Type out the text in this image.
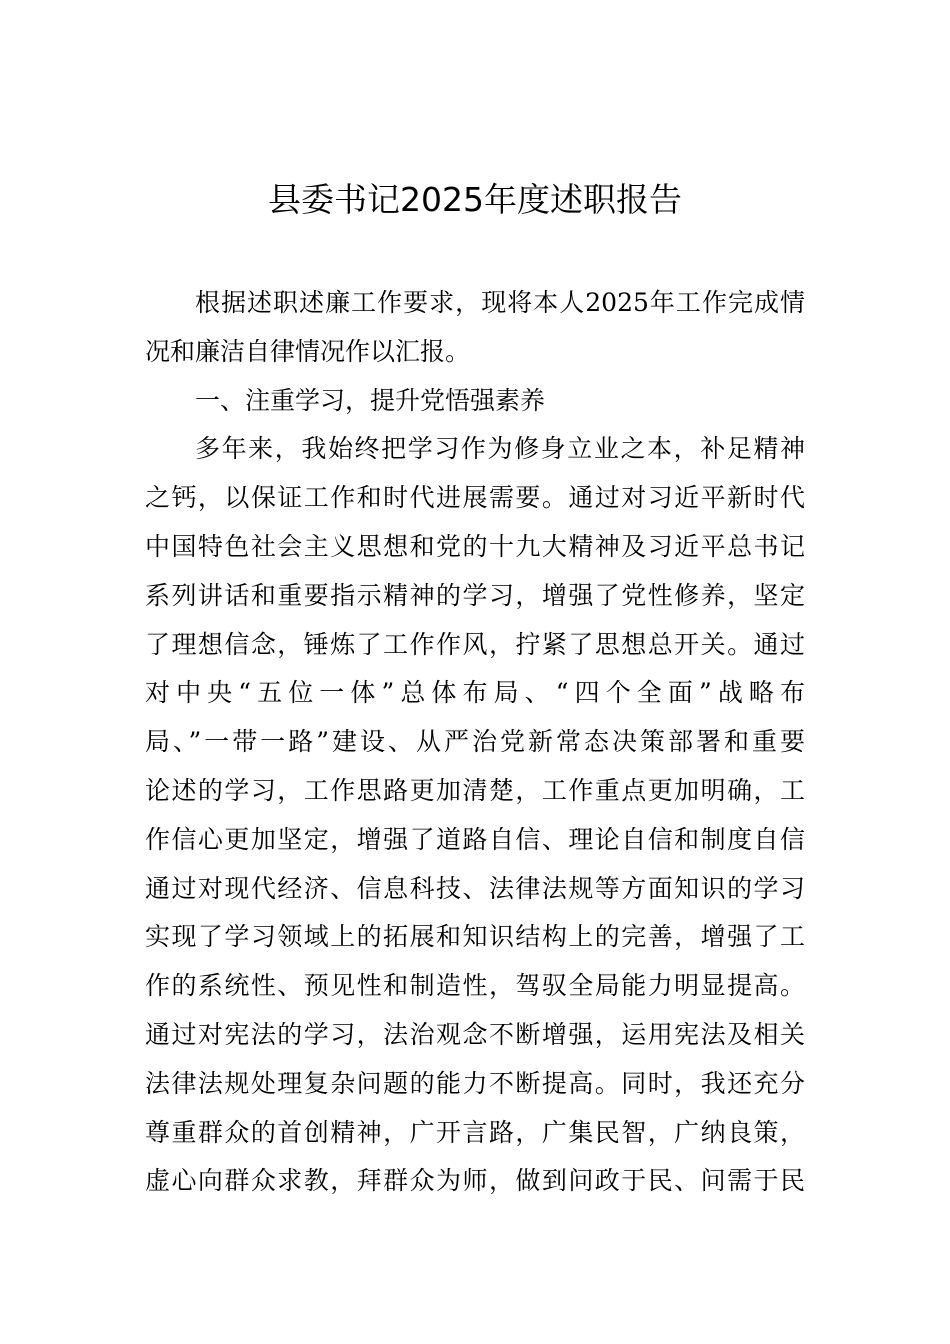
县委书记2025年度述职报告
根据述职述廉工作要求，现将本人2025年工作完成情
况和廉洁自律情况作以汇报。
一、注重学习，提升党悟强素养
多年来，我始终把学习作为修身立业之本，补足精神
之钙，以保证工作和时代进展需要。通过对习近平新时代
中国特色社会主义思想和党的十九大精神及习近平总书记
系列讲话和重要指示精神的学习，增强了党性修养，坚定
了理想信念，锤炼了工作作风，拧紧了思想总开关。通过
对中央“五位一体”总体布局、“四个全面”战略布
局、”一带一路”建设、从严治党新常态决策部署和重要
论述的学习，工作思路更加清楚，工作重点更加明确，工
作信心更加坚定，增强了道路自信、理论自信和制度自信
通过对现代经济、信息科技、法律法规等方面知识的学习
实现了学习领域上的拓展和知识结构上的完善，增强了工
作的系统性、预见性和制造性，驾驭全局能力明显提高。
通过对宪法的学习，法治观念不断增强，运用宪法及相关
法律法规处理复杂问题的能力不断提高。同时，我还充分
尊重群众的首创精神，广开言路，广集民智，广纳良策，
虚心向群众求教，拜群众为师，做到问政于民、问需于民
